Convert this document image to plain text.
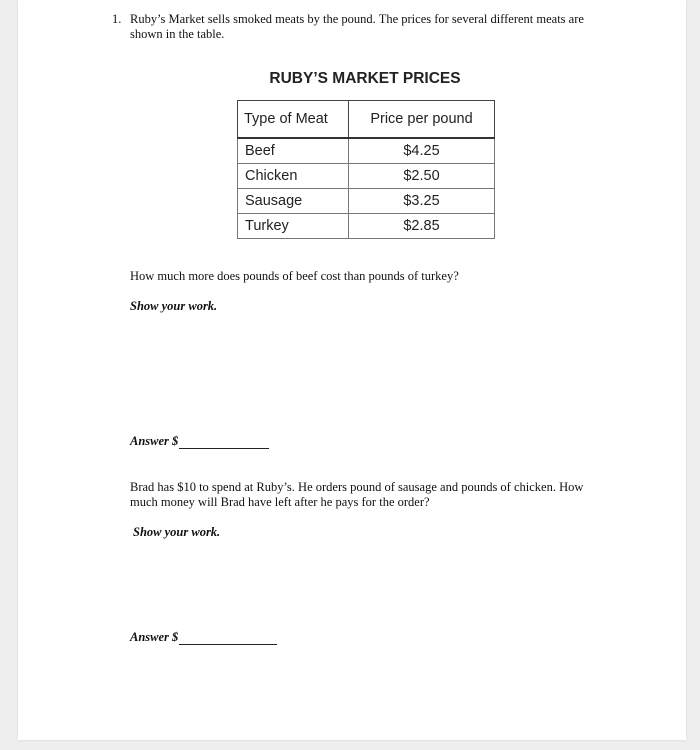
1. Ruby’s Market sells smoked meats by the pound. The prices for several different meats are shown in the table.
RUBY’S MARKET PRICES
Type of Meat	Price per pound
Beef	$4.25
Chicken	$2.50
Sausage	$3.25
Turkey	$2.85
How much more does pounds of beef cost than pounds of turkey?
Show your work.
Answer $
Brad has $10 to spend at Ruby’s. He orders pound of sausage and pounds of chicken. How much money will Brad have left after he pays for the order?
Show your work.
Answer $
